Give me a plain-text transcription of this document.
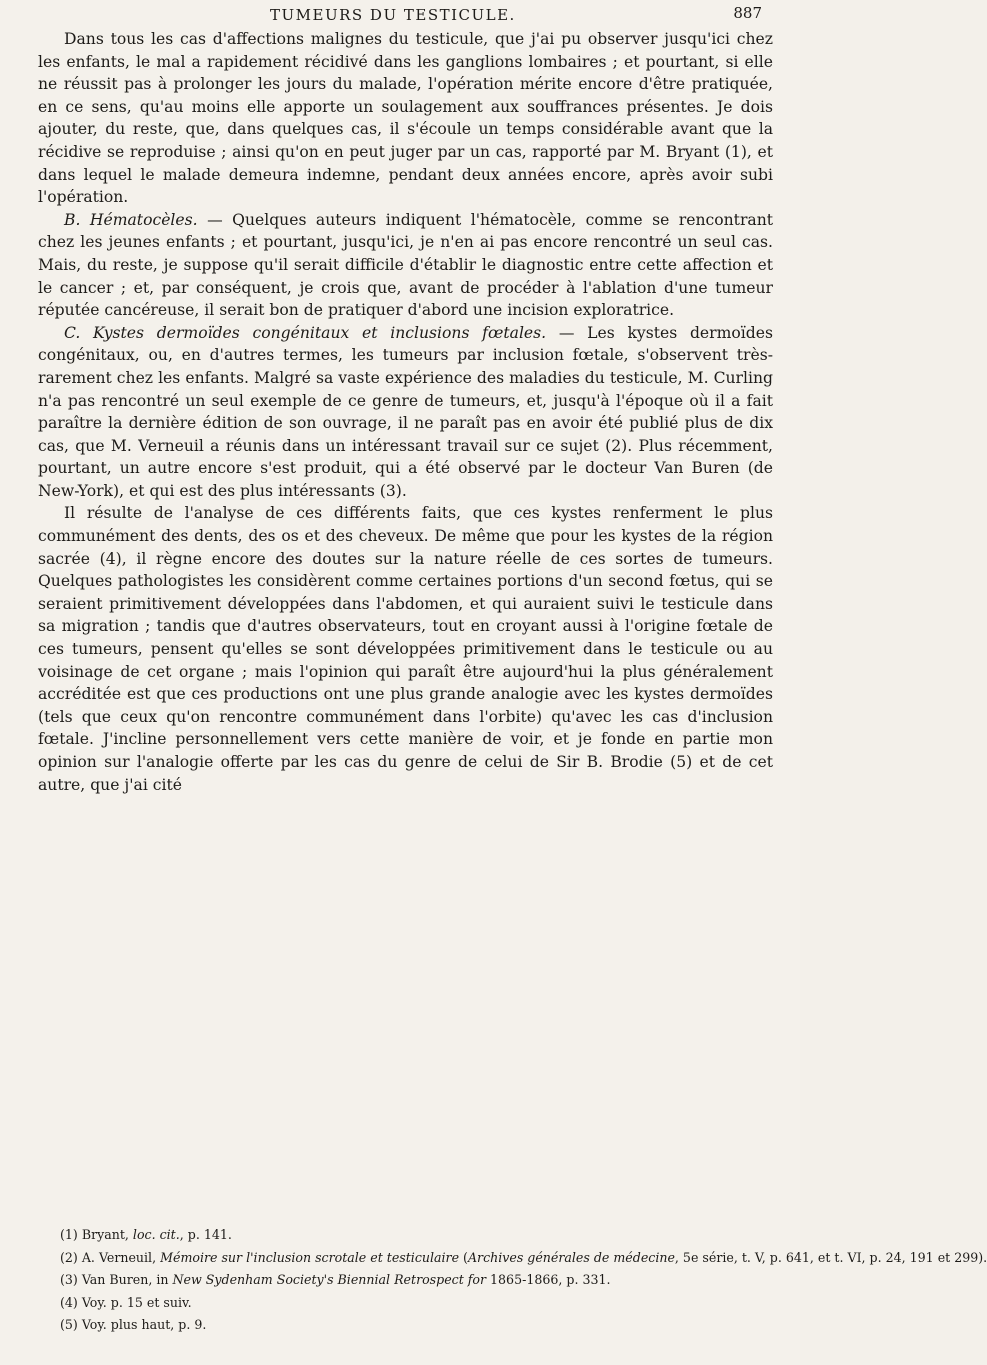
TUMEURS DU TESTICULE.	887

Dans tous les cas d'affections malignes du testicule, que j'ai pu observer jusqu'ici chez les enfants, le mal a rapidement récidivé dans les ganglions lombaires ; et pourtant, si elle ne réussit pas à prolonger les jours du malade, l'opération mérite encore d'être pratiquée, en ce sens, qu'au moins elle apporte un soulagement aux souffrances présentes. Je dois ajouter, du reste, que, dans quelques cas, il s'écoule un temps considérable avant que la récidive se reproduise ; ainsi qu'on en peut juger par un cas, rapporté par M. Bryant (1), et dans lequel le malade demeura indemne, pendant deux années encore, après avoir subi l'opération.

B. Hématocèles. — Quelques auteurs indiquent l'hématocèle, comme se rencontrant chez les jeunes enfants ; et pourtant, jusqu'ici, je n'en ai pas encore rencontré un seul cas. Mais, du reste, je suppose qu'il serait difficile d'établir le diagnostic entre cette affection et le cancer ; et, par conséquent, je crois que, avant de procéder à l'ablation d'une tumeur réputée cancéreuse, il serait bon de pratiquer d'abord une incision exploratrice.

C. Kystes dermoïdes congénitaux et inclusions fœtales. — Les kystes dermoïdes congénitaux, ou, en d'autres termes, les tumeurs par inclusion fœtale, s'observent très-rarement chez les enfants. Malgré sa vaste expérience des maladies du testicule, M. Curling n'a pas rencontré un seul exemple de ce genre de tumeurs, et, jusqu'à l'époque où il a fait paraître la dernière édition de son ouvrage, il ne paraît pas en avoir été publié plus de dix cas, que M. Verneuil a réunis dans un intéressant travail sur ce sujet (2). Plus récemment, pourtant, un autre encore s'est produit, qui a été observé par le docteur Van Buren (de New-York), et qui est des plus intéressants (3).

Il résulte de l'analyse de ces différents faits, que ces kystes renferment le plus communément des dents, des os et des cheveux. De même que pour les kystes de la région sacrée (4), il règne encore des doutes sur la nature réelle de ces sortes de tumeurs. Quelques pathologistes les considèrent comme certaines portions d'un second fœtus, qui se seraient primitivement développées dans l'abdomen, et qui auraient suivi le testicule dans sa migration ; tandis que d'autres observateurs, tout en croyant aussi à l'origine fœtale de ces tumeurs, pensent qu'elles se sont développées primitivement dans le testicule ou au voisinage de cet organe ; mais l'opinion qui paraît être aujourd'hui la plus généralement accréditée est que ces productions ont une plus grande analogie avec les kystes dermoïdes (tels que ceux qu'on rencontre communément dans l'orbite) qu'avec les cas d'inclusion fœtale. J'incline personnellement vers cette manière de voir, et je fonde en partie mon opinion sur l'analogie offerte par les cas du genre de celui de Sir B. Brodie (5) et de cet autre, que j'ai cité

(1) Bryant, loc. cit., p. 141.

(2) A. Verneuil, Mémoire sur l'inclusion scrotale et testiculaire (Archives générales de médecine, 5e série, t. V, p. 641, et t. VI, p. 24, 191 et 299).

(3) Van Buren, in New Sydenham Society's Biennial Retrospect for 1865-1866, p. 331.

(4) Voy. p. 15 et suiv.

(5) Voy. plus haut, p. 9.
